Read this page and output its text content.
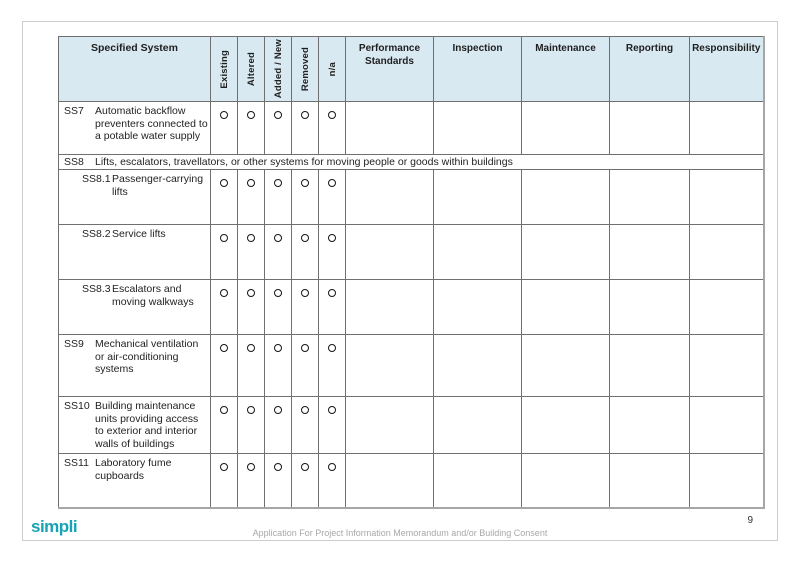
Specified System	Existing	Altered	Added / New	Removed	n/a	Performance Standards	Inspection	Maintenance	Reporting	Responsibility

SS7 Automatic backflow preventers connected to a potable water supply										

SS8 Lifts, escalators, travellators, or other systems for moving people or goods within buildings										

SS8.1 Passenger-carrying lifts										

SS8.2 Service lifts										

SS8.3 Escalators and moving walkways										

SS9 Mechanical ventilation or air-conditioning systems										

SS10 Building maintenance units providing access to exterior and interior walls of buildings										

SS11 Laboratory fume cupboards										

simpli	Application For Project Information Memorandum and/or Building Consent
9
